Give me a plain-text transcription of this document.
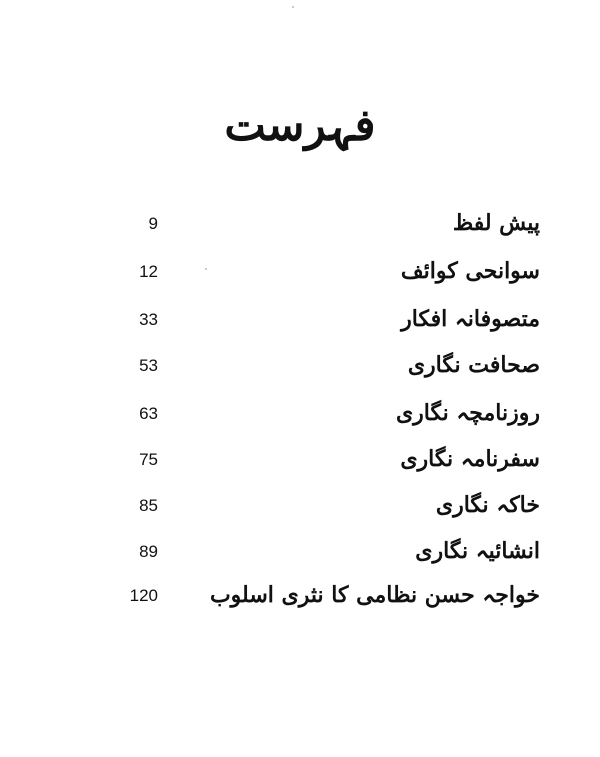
فہرست
پیش لفظ
9
سوانحی کوائف
12
متصوفانہ افکار
33
صحافت نگاری
53
روزنامچہ نگاری
63
سفرنامہ نگاری
75
خاکہ نگاری
85
انشائیہ نگاری
89
خواجہ حسن نظامی کا نثری اسلوب
120
